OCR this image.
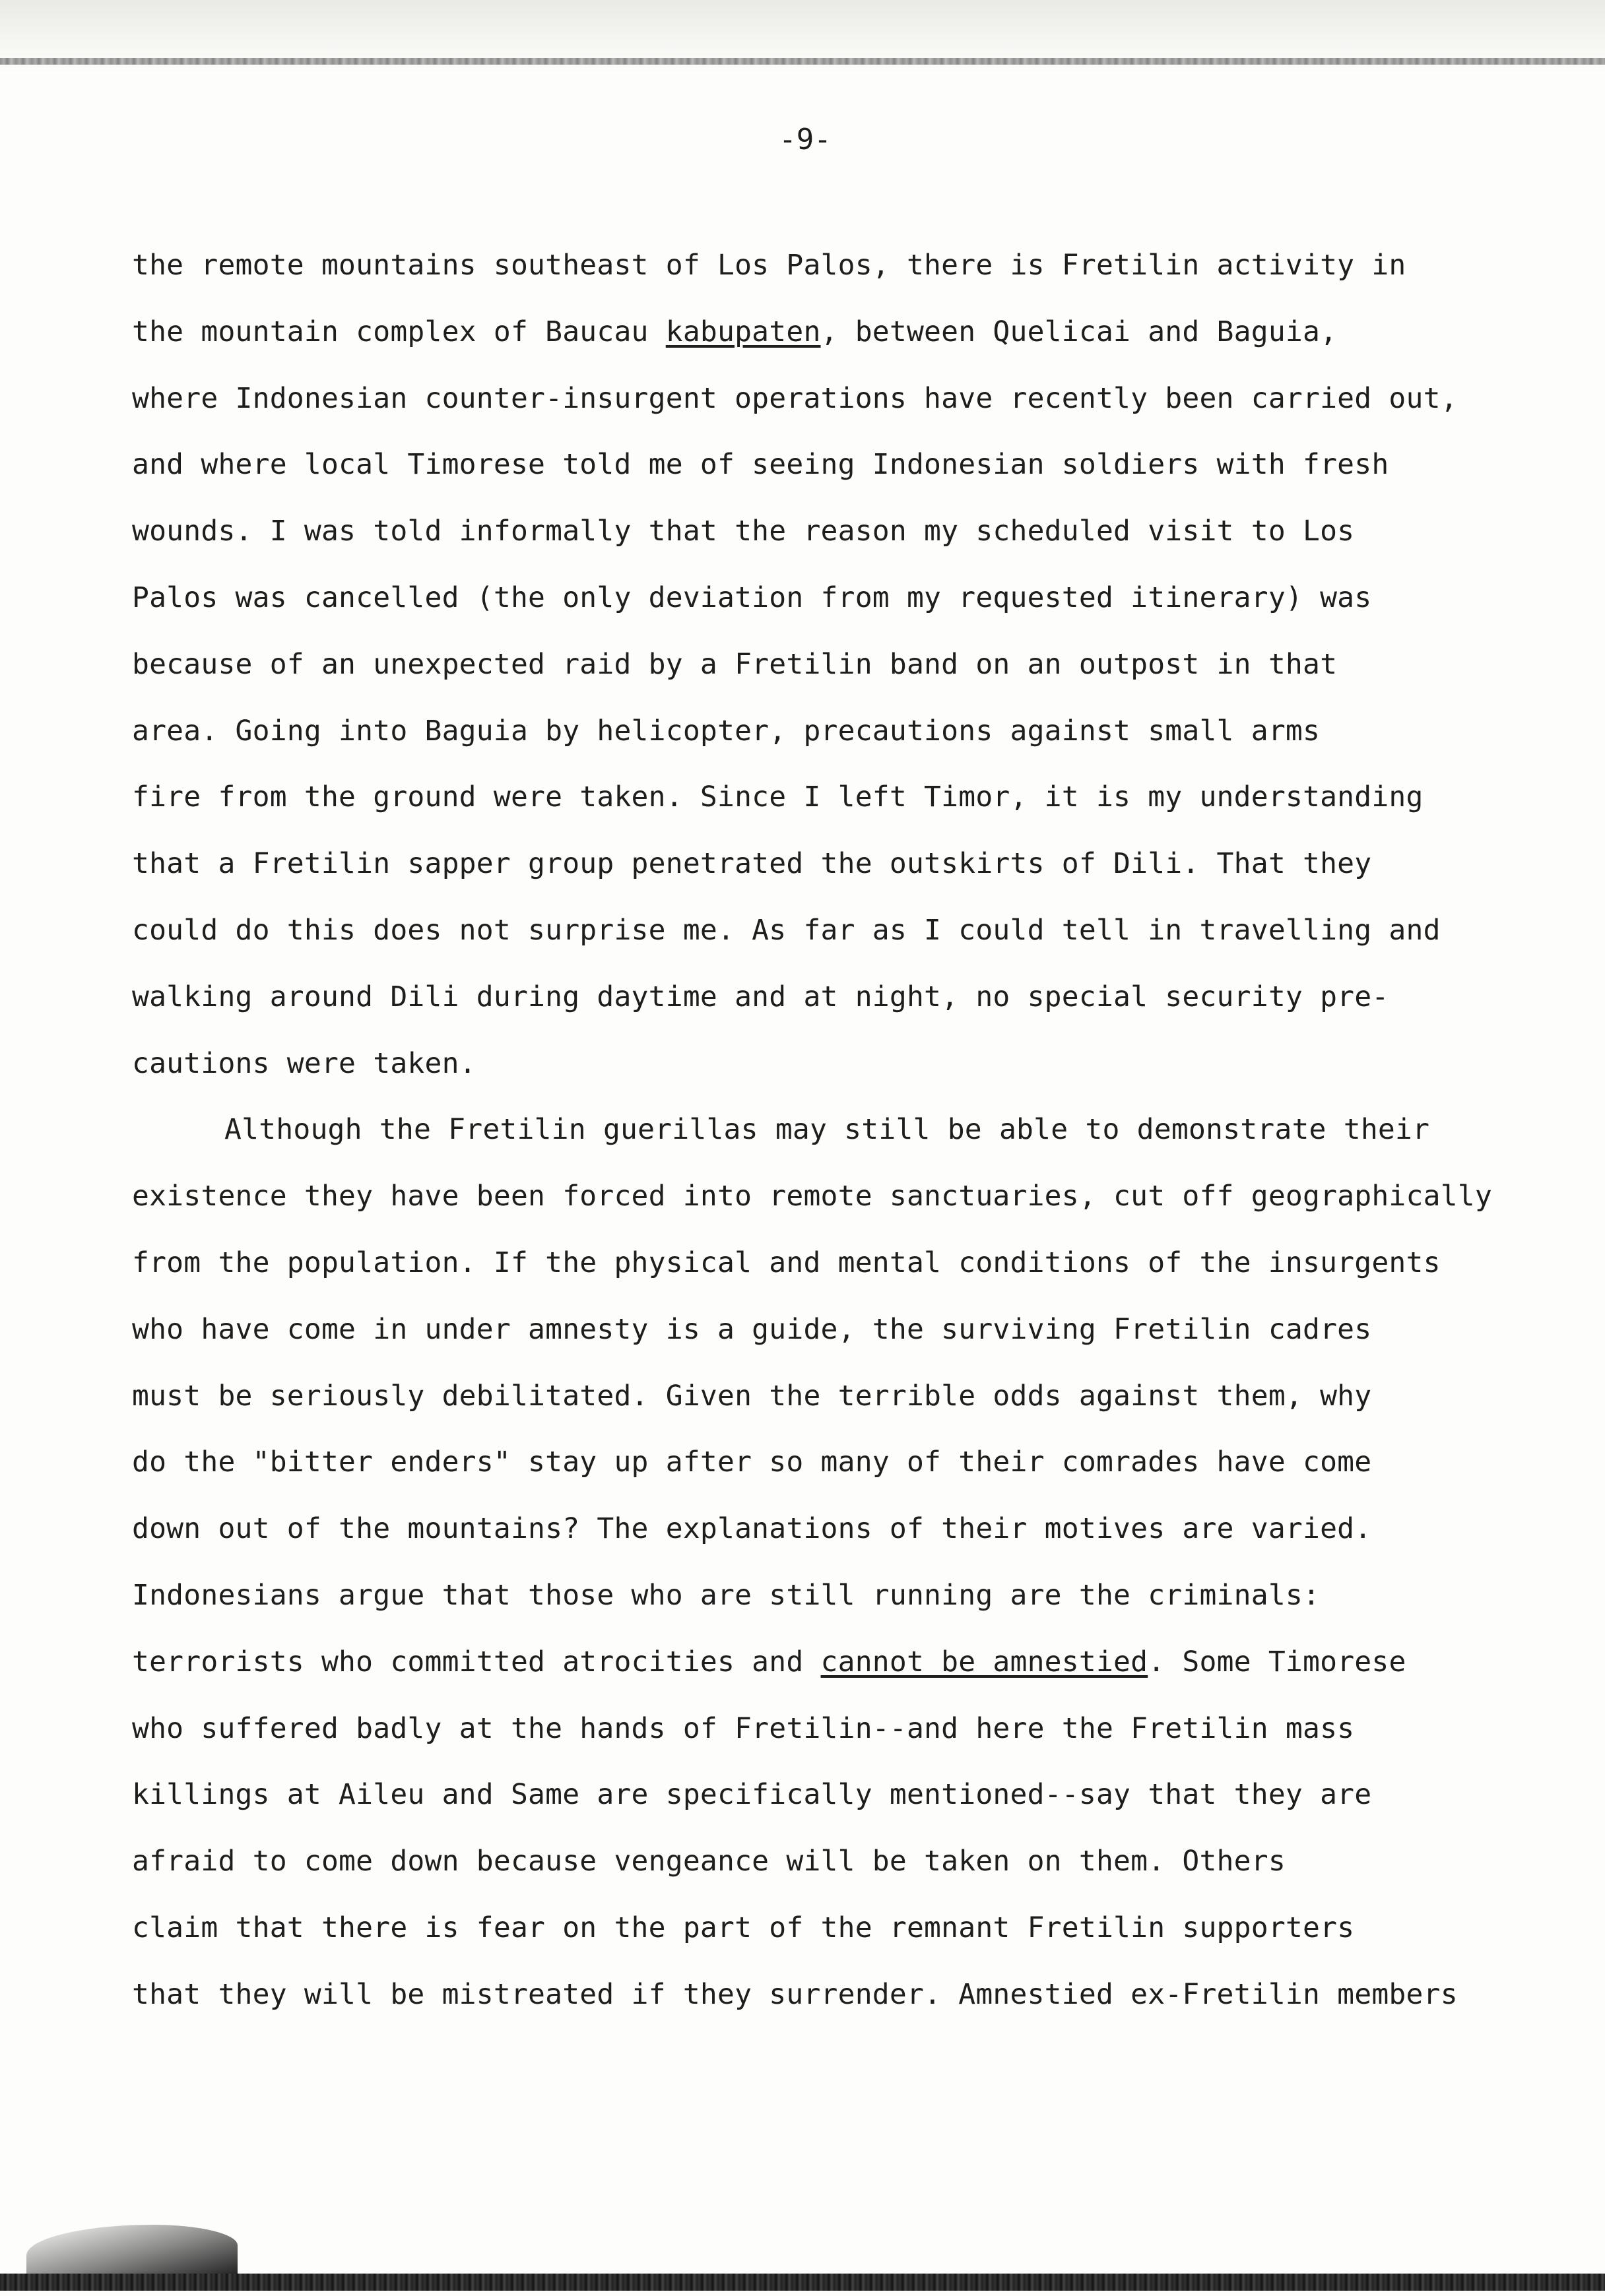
-9-

the remote mountains southeast of Los Palos, there is Fretilin activity in
the mountain complex of Baucau kabupaten, between Quelicai and Baguia,
where Indonesian counter-insurgent operations have recently been carried out,
and where local Timorese told me of seeing Indonesian soldiers with fresh
wounds. I was told informally that the reason my scheduled visit to Los
Palos was cancelled (the only deviation from my requested itinerary) was
because of an unexpected raid by a Fretilin band on an outpost in that
area. Going into Baguia by helicopter, precautions against small arms
fire from the ground were taken. Since I left Timor, it is my understanding
that a Fretilin sapper group penetrated the outskirts of Dili. That they
could do this does not surprise me. As far as I could tell in travelling and
walking around Dili during daytime and at night, no special security pre-
cautions were taken.
Although the Fretilin guerillas may still be able to demonstrate their
existence they have been forced into remote sanctuaries, cut off geographically
from the population. If the physical and mental conditions of the insurgents
who have come in under amnesty is a guide, the surviving Fretilin cadres
must be seriously debilitated. Given the terrible odds against them, why
do the "bitter enders" stay up after so many of their comrades have come
down out of the mountains? The explanations of their motives are varied.
Indonesians argue that those who are still running are the criminals:
terrorists who committed atrocities and cannot be amnestied. Some Timorese
who suffered badly at the hands of Fretilin--and here the Fretilin mass
killings at Aileu and Same are specifically mentioned--say that they are
afraid to come down because vengeance will be taken on them. Others
claim that there is fear on the part of the remnant Fretilin supporters
that they will be mistreated if they surrender. Amnestied ex-Fretilin members
